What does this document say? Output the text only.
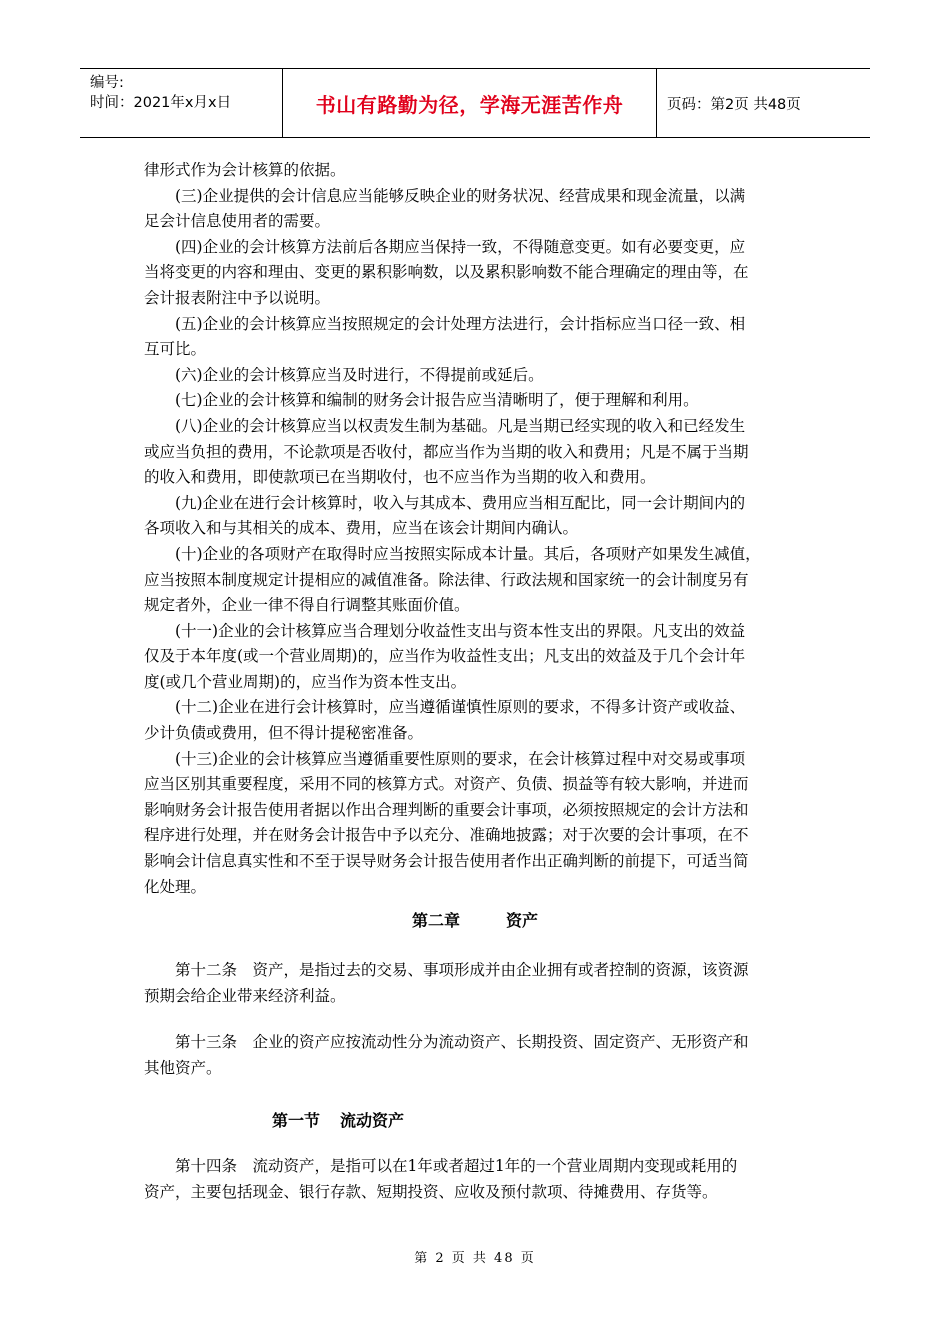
编号:
时间：2021年x月x日	书山有路勤为径，学海无涯苦作舟	页码：第2页 共48页

律形式作为会计核算的依据。

(三)企业提供的会计信息应当能够反映企业的财务状况、经营成果和现金流量，以满

足会计信息使用者的需要。

(四)企业的会计核算方法前后各期应当保持一致，不得随意变更。如有必要变更，应

当将变更的内容和理由、变更的累积影响数，以及累积影响数不能合理确定的理由等，在

会计报表附注中予以说明。

(五)企业的会计核算应当按照规定的会计处理方法进行，会计指标应当口径一致、相

互可比。

(六)企业的会计核算应当及时进行，不得提前或延后。

(七)企业的会计核算和编制的财务会计报告应当清晰明了，便于理解和利用。

(八)企业的会计核算应当以权责发生制为基础。凡是当期已经实现的收入和已经发生

或应当负担的费用，不论款项是否收付，都应当作为当期的收入和费用；凡是不属于当期

的收入和费用，即使款项已在当期收付，也不应当作为当期的收入和费用。

(九)企业在进行会计核算时，收入与其成本、费用应当相互配比，同一会计期间内的

各项收入和与其相关的成本、费用，应当在该会计期间内确认。

(十)企业的各项财产在取得时应当按照实际成本计量。其后，各项财产如果发生减值，

应当按照本制度规定计提相应的减值准备。除法律、行政法规和国家统一的会计制度另有

规定者外，企业一律不得自行调整其账面价值。

(十一)企业的会计核算应当合理划分收益性支出与资本性支出的界限。凡支出的效益

仅及于本年度(或一个营业周期)的，应当作为收益性支出；凡支出的效益及于几个会计年

度(或几个营业周期)的，应当作为资本性支出。

(十二)企业在进行会计核算时，应当遵循谨慎性原则的要求，不得多计资产或收益、

少计负债或费用，但不得计提秘密准备。

(十三)企业的会计核算应当遵循重要性原则的要求，在会计核算过程中对交易或事项

应当区别其重要程度，采用不同的核算方式。对资产、负债、损益等有较大影响，并进而

影响财务会计报告使用者据以作出合理判断的重要会计事项，必须按照规定的会计方法和

程序进行处理，并在财务会计报告中予以充分、准确地披露；对于次要的会计事项，在不

影响会计信息真实性和不至于误导财务会计报告使用者作出正确判断的前提下，可适当简

化处理。

第二章	资产

第十二条　资产，是指过去的交易、事项形成并由企业拥有或者控制的资源，该资源

预期会给企业带来经济利益。

第十三条　企业的资产应按流动性分为流动资产、长期投资、固定资产、无形资产和

其他资产。

第一节 流动资产

第十四条　流动资产，是指可以在1年或者超过1年的一个营业周期内变现或耗用的

资产，主要包括现金、银行存款、短期投资、应收及预付款项、待摊费用、存货等。

第 2 页 共 48 页
